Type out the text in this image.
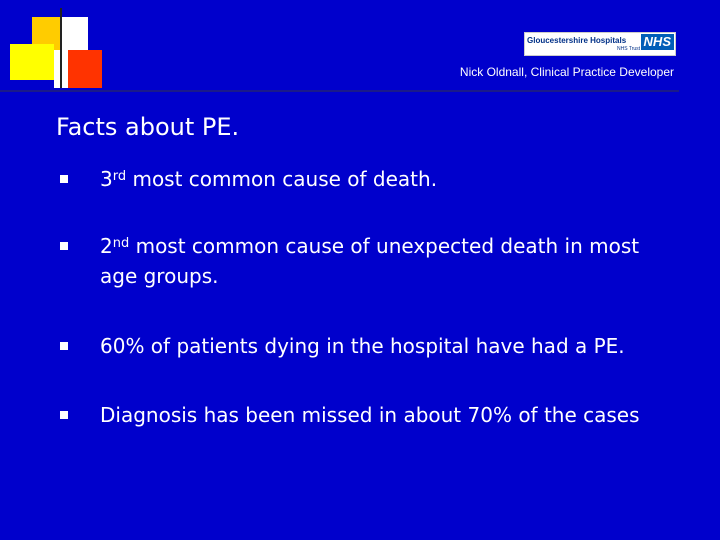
Gloucestershire Hospitals
NHS Trust NHS
Nick Oldnall, Clinical Practice Developer
Facts about PE.
3rd most common cause of death.
2nd most common cause of unexpected death in most age groups.
60% of patients dying in the hospital have had a PE.
Diagnosis has been missed in about 70% of the cases
